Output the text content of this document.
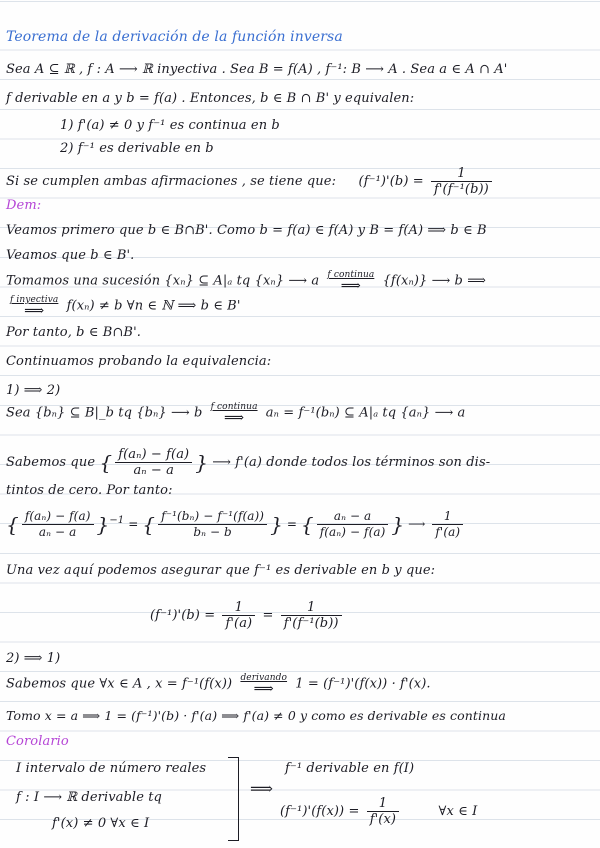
Teorema de la derivación de la función inversa
Sea A ⊆ ℝ , f : A ⟶ ℝ inyectiva . Sea B = f(A) , f⁻¹: B ⟶ A . Sea a ∈ A ∩ A'
f derivable en a y b = f(a) . Entonces, b ∈ B ∩ B' y equivalen:
1) f'(a) ≠ 0 y f⁻¹ es continua en b
2) f⁻¹ es derivable en b
Si se cumplen ambas afirmaciones , se tiene que: $(f^{-1})'(b) = \frac{1}{\text{f'(f⁻¹(b))}}$
Dem:
Veamos primero que b ∈ B∩B'. Como b = f(a) ∈ f(A) y B = f(A) ⟹ b ∈ B
Veamos que b ∈ B'.
Tomamos una sucesión {xₙ} ⊆ A|ₐ tq {xₙ} ⟶ a f continua
⟹	{f(xₙ)} ⟶ b ⟹
f inyectiva
⟹	f(xₙ) ≠ b ∀n ∈ ℕ ⟹ b ∈ B'
Por tanto, b ∈ B∩B'.
Continuamos probando la equivalencia:
1) ⟹ 2)
Sea {bₙ} ⊆ B|_b tq {bₙ} ⟶ b f continua
⟹	aₙ = f⁻¹(bₙ) ⊆ A|ₐ tq {aₙ} ⟶ a
Sabemos que { $\frac{\text{f(aₙ) − f(a)}}{\text{aₙ − a}}$ } ⟶ f'(a) donde todos los términos son dis-
tintos de cero. Por tanto:
{ $\frac{\text{f(aₙ) − f(a)}}{\text{aₙ − a}} \}^{-1}$ = { $\frac{\text{f⁻¹(bₙ) − f⁻¹(f(a))}}{\text{bₙ − b}}$ } = { $\frac{\text{aₙ − a}}{\text{f(aₙ) − f(a)}}$ } ⟶ $\frac{1}{f'(a)}$
Una vez aquí podemos asegurar que f⁻¹ es derivable en b y que:
$(f^{-1})'(b) = \frac{1}{f'(a)} = \frac{1}{\text{f'(f⁻¹(b))}}$
2) ⟹ 1)
Sabemos que ∀x ∈ A , x = f⁻¹(f(x)) derivando
⟹	1 = (f⁻¹)'(f(x)) · f'(x).
Tomo x = a ⟹ 1 = (f⁻¹)'(b) · f'(a) ⟹ f'(a) ≠ 0 y como es derivable es continua
Corolario
I intervalo de número reales
f : I ⟶ ℝ derivable tq
f'(x) ≠ 0 ∀x ∈ I
⟹
f⁻¹ derivable en f(I)
$(f^{-1})'(f(x)) = \frac{1}{f'(x)}$	∀x ∈ I
